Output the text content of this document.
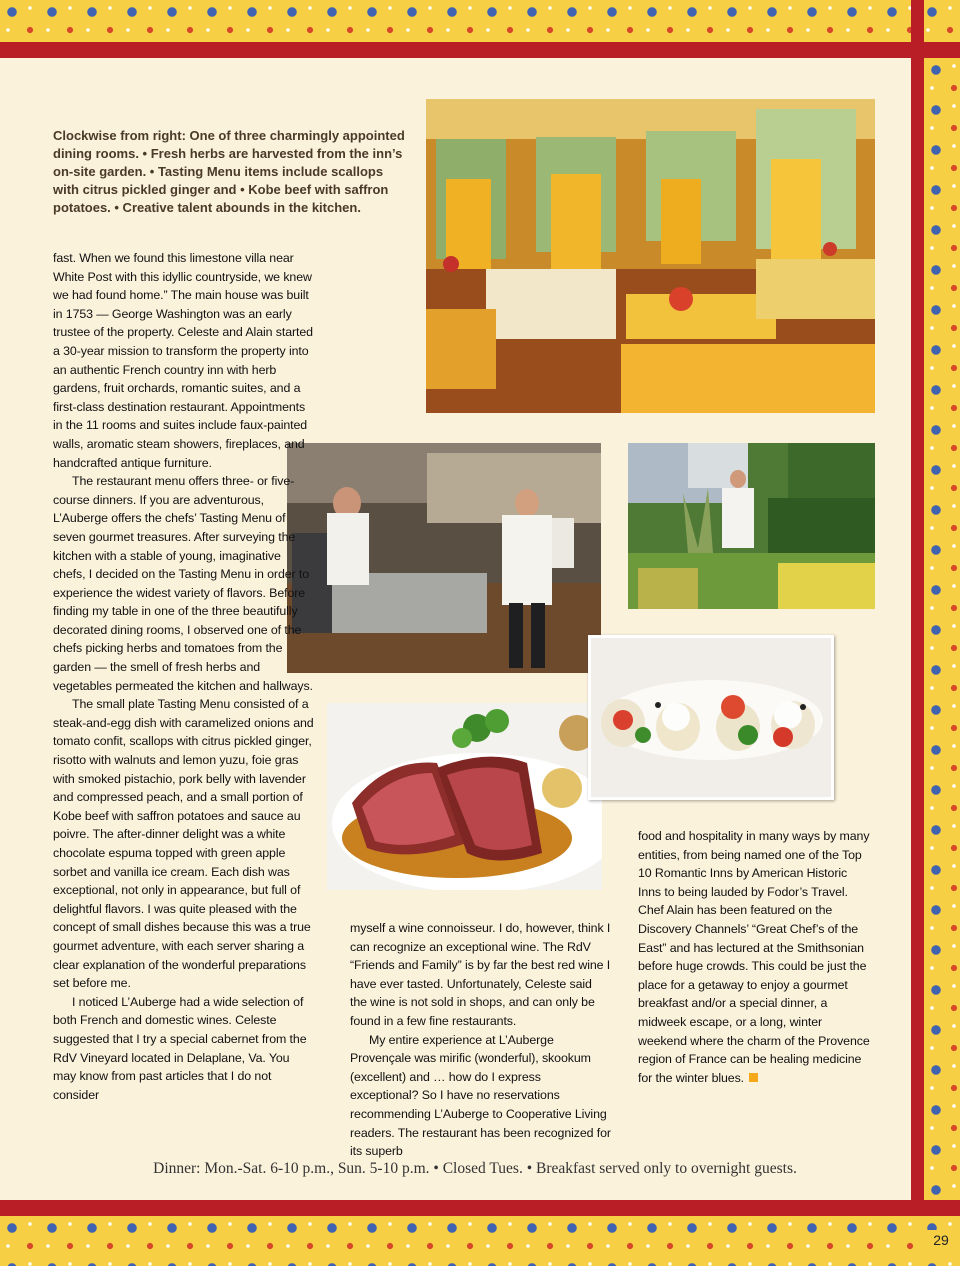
29
Clockwise from right: One of three charmingly appointed dining rooms. • Fresh herbs are harvested from the inn’s on-site garden. • Tasting Menu items include scallops with citrus pickled ginger and • Kobe beef with saffron potatoes. • Creative talent abounds in the kitchen.

fast. When we found this limestone villa near White Post with this idyllic countryside, we knew we had found home.” The main house was built in 1753 — George Washington was an early trustee of the property. Celeste and Alain started a 30-year mission to transform the property into an authentic French country inn with herb gardens, fruit orchards, romantic suites, and a first-class destination restaurant. Appointments in the 11 rooms and suites include faux-painted walls, aromatic steam showers, fireplaces, and handcrafted antique furniture.

The restaurant menu offers three- or five-course dinners. If you are adventurous, L’Auberge offers the chefs’ Tasting Menu of seven gourmet treasures. After surveying the kitchen with a stable of young, imaginative chefs, I decided on the Tasting Menu in order to experience the widest variety of flavors. Before finding my table in one of the three beautifully decorated dining rooms, I observed one of the chefs picking herbs and tomatoes from the garden — the smell of fresh herbs and vegetables permeated the kitchen and hallways.

The small plate Tasting Menu consisted of a steak-and-egg dish with caramelized onions and tomato confit, scallops with citrus pickled ginger, risotto with walnuts and lemon yuzu, foie gras with smoked pistachio, pork belly with lavender and compressed peach, and a small portion of Kobe beef with saffron potatoes and sauce au poivre. The after-dinner delight was a white chocolate espuma topped with green apple sorbet and vanilla ice cream. Each dish was exceptional, not only in appearance, but full of delightful flavors. I was quite pleased with the concept of small dishes because this was a true gourmet adventure, with each server sharing a clear explanation of the wonderful preparations set before me.

I noticed L’Auberge had a wide selection of both French and domestic wines. Celeste suggested that I try a special cabernet from the RdV Vineyard located in Delaplane, Va. You may know from past articles that I do not consider

myself a wine connoisseur. I do, however, think I can recognize an exceptional wine. The RdV “Friends and Family” is by far the best red wine I have ever tasted. Unfortunately, Celeste said the wine is not sold in shops, and can only be found in a few fine restaurants.

My entire experience at L’Auberge Provençale was mirific (wonderful), skookum (excellent) and … how do I express exceptional? So I have no reservations recommending L’Auberge to Cooperative Living readers. The restaurant has been recognized for its superb

food and hospitality in many ways by many entities, from being named one of the Top 10 Romantic Inns by American Historic Inns to being lauded by Fodor’s Travel. Chef Alain has been featured on the Discovery Channels’ “Great Chef’s of the East” and has lectured at the Smithsonian before huge crowds. This could be just the place for a getaway to enjoy a gourmet breakfast and/or a special dinner, a midweek escape, or a long, winter weekend where the charm of the Provence region of France can be healing medicine for the winter blues.

Dinner: Mon.-Sat. 6-10 p.m., Sun. 5-10 p.m. • Closed Tues. • Breakfast served only to overnight guests.
